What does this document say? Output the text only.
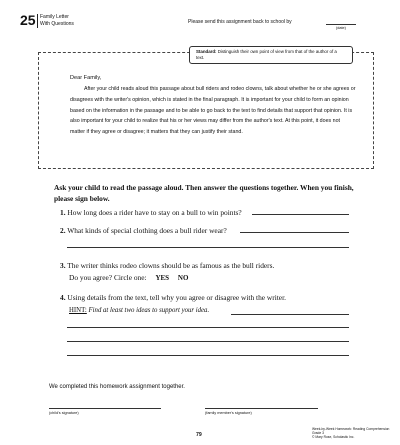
25 Family Letter
With Questions	Please send this assignment back to school by
(date)
Standard: Distinguish their own point of view from that of the author of a text.
Dear Family,
After your child reads aloud this passage about bull riders and rodeo clowns, talk about whether he or she agrees or disagrees with the writer's opinion, which is stated in the final paragraph. It is important for your child to form an opinion based on the information in the passage and to be able to go back to the text to find details that support that opinion. It is also important for your child to realize that his or her views may differ from the author's text. At this point, it does not matter if they agree or disagree; it matters that they can justify their stand.
Ask your child to read the passage aloud. Then answer the questions together. When you finish, please sign below.
1. How long does a rider have to stay on a bull to win points?
2. What kinds of special clothing does a bull rider wear?
3. The writer thinks rodeo clowns should be as famous as the bull riders.
Do you agree? Circle one: YES NO
4. Using details from the text, tell why you agree or disagree with the writer.
HINT: Find at least two ideas to support your idea.
We completed this homework assignment together.
(child's signature)	(family member's signature)
79
Week-by-Week Homework: Reading Comprehension Grade 3
© Mary Rose, Scholastic Inc.
